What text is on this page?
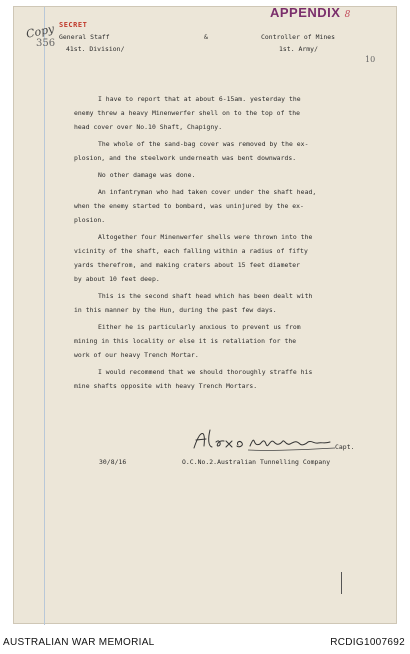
Copy
356
10
SECRET
General Staff
41st. Division/
&	Controller of Mines
1st. Army/
I have to report that at about 6-15am. yesterday the
enemy threw a heavy Minenwerfer shell on to the top of the
head cover over No.10 Shaft, Chapigny.
The whole of the sand-bag cover was removed by the ex-
plosion, and the steelwork underneath was bent downwards.
No other damage was done.
An infantryman who had taken cover under the shaft head,
when the enemy started to bombard, was uninjured by the ex-
plosion.
Altogether four Minenwerfer shells were thrown into the
vicinity of the shaft, each falling within a radius of fifty
yards therefrom, and making craters about 15 feet diameter
by about 10 feet deep.
This is the second shaft head which has been dealt with
in this manner by the Hun, during the past few days.
Either he is particularly anxious to prevent us from
mining in this locality or else it is retaliation for the
work of our heavy Trench Mortar.
I would recommend that we should thoroughly straffe his
mine shafts opposite with heavy Trench Mortars.
Capt.
30/8/16	O.C.No.2.Australian Tunnelling Company
APPENDIX 8
AUSTRALIAN WAR MEMORIAL	RCDIG1007692
